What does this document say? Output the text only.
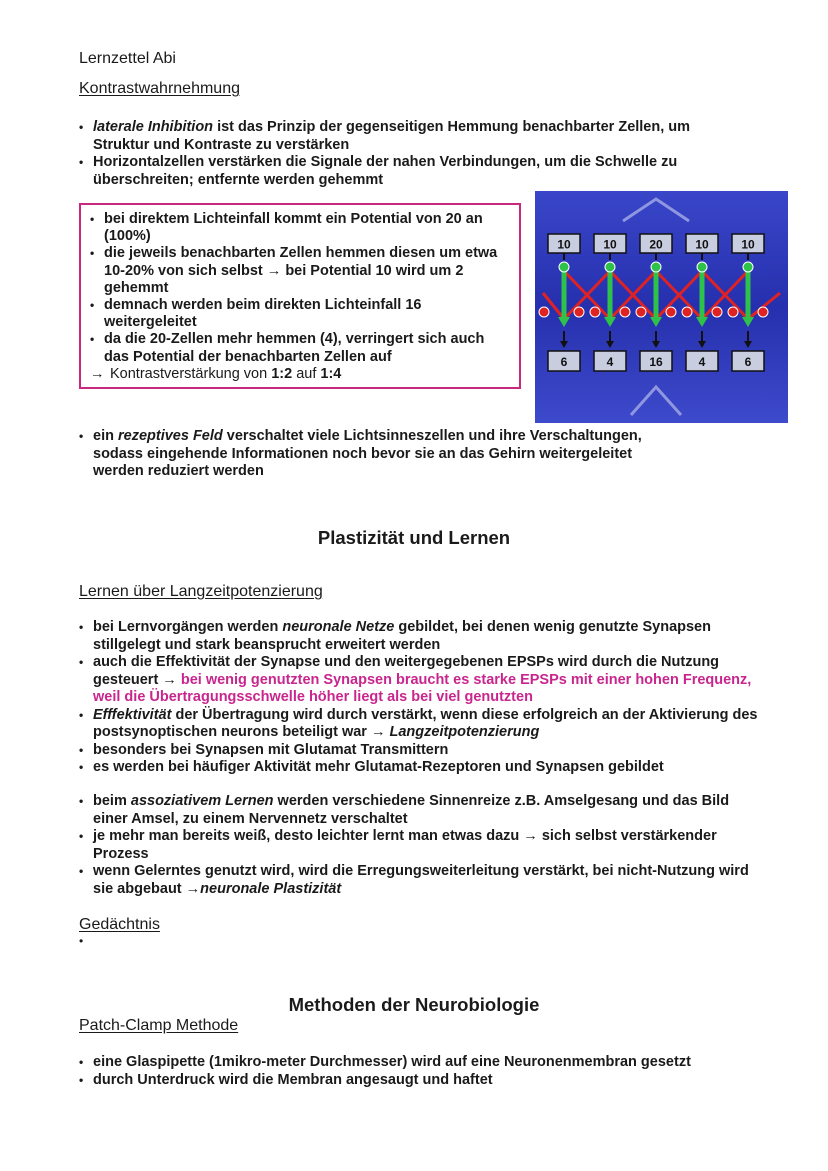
Lernzettel Abi
Kontrastwahrnehmung
• laterale Inhibition ist das Prinzip der gegenseitigen Hemmung benachbarter Zellen, um Struktur und Kontraste zu verstärken
• Horizontalzellen verstärken die Signale der nahen Verbindungen, um die Schwelle zu überschreiten; entfernte werden gehemmt
• bei direktem Lichteinfall kommt ein Potential von 20 an (100%)
• die jeweils benachbarten Zellen hemmen diesen um etwa 10-20% von sich selbst → bei Potential 10 wird um 2 gehemmt
• demnach werden beim direkten Lichteinfall 16 weitergeleitet
• da die 20-Zellen mehr hemmen (4), verringert sich auch das Potential der benachbarten Zellen auf
→ Kontrastverstärkung von 1:2 auf 1:4
10	10	20	10	10
6	4	16	4	6
• ein rezeptives Feld verschaltet viele Lichtsinneszellen und ihre Verschaltungen, sodass eingehende Informationen noch bevor sie an das Gehirn weitergeleitet werden reduziert werden
Plastizität und Lernen
Lernen über Langzeitpotenzierung
• bei Lernvorgängen werden neuronale Netze gebildet, bei denen wenig genutzte Synapsen stillgelegt und stark beansprucht erweitert werden
• auch die Effektivität der Synapse und den weitergegebenen EPSPs wird durch die Nutzung gesteuert → bei wenig genutzten Synapsen braucht es starke EPSPs mit einer hohen Frequenz, weil die Übertragungsschwelle höher liegt als bei viel genutzten
• Efffektivität der Übertragung wird durch verstärkt, wenn diese erfolgreich an der Aktivierung des postsynoptischen neurons beteiligt war → Langzeitpotenzierung
• besonders bei Synapsen mit Glutamat Transmittern
• es werden bei häufiger Aktivität mehr Glutamat-Rezeptoren und Synapsen gebildet
• beim assoziativem Lernen werden verschiedene Sinnenreize z.B. Amselgesang und das Bild einer Amsel, zu einem Nervennetz verschaltet
• je mehr man bereits weiß, desto leichter lernt man etwas dazu → sich selbst verstärkender Prozess
• wenn Gelerntes genutzt wird, wird die Erregungsweiterleitung verstärkt, bei nicht-Nutzung wird sie abgebaut →neuronale Plastizität
Gedächtnis
•
Methoden der Neurobiologie
Patch-Clamp Methode
• eine Glaspipette (1mikro-meter Durchmesser) wird auf eine Neuronenmembran gesetzt
• durch Unterdruck wird die Membran angesaugt und haftet
